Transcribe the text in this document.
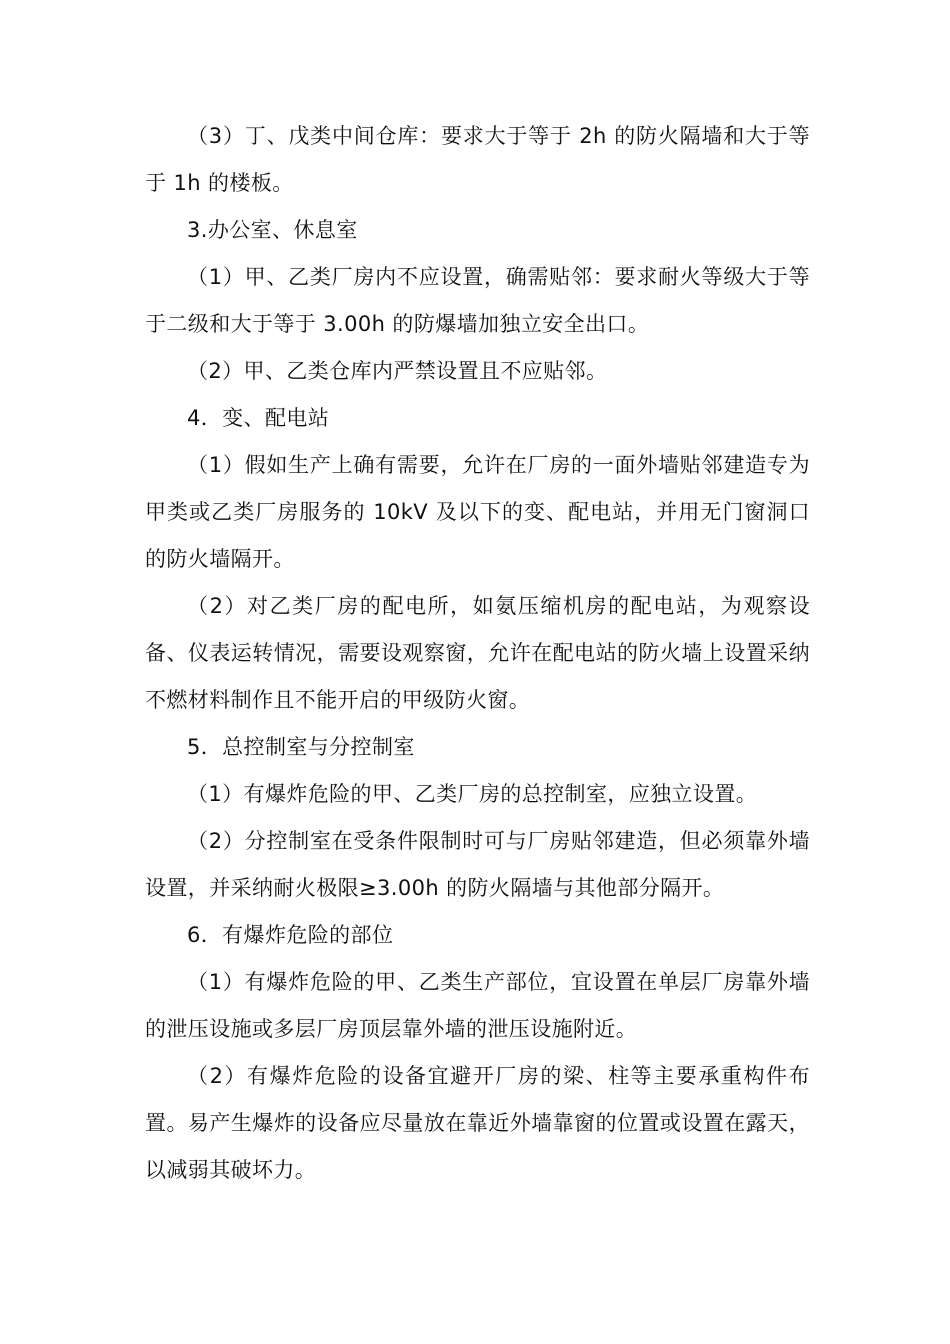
（3）丁、戊类中间仓库：要求大于等于 2h 的防火隔墙和大于等于 1h 的楼板。

3.办公室、休息室

（1）甲、乙类厂房内不应设置，确需贴邻：要求耐火等级大于等于二级和大于等于 3.00h 的防爆墙加独立安全出口。

（2）甲、乙类仓库内严禁设置且不应贴邻。

4．变、配电站

（1）假如生产上确有需要，允许在厂房的一面外墙贴邻建造专为甲类或乙类厂房服务的 10kV 及以下的变、配电站，并用无门窗洞口的防火墙隔开。

（2）对乙类厂房的配电所，如氨压缩机房的配电站，为观察设备、仪表运转情况，需要设观察窗，允许在配电站的防火墙上设置采纳不燃材料制作且不能开启的甲级防火窗。

5．总控制室与分控制室

（1）有爆炸危险的甲、乙类厂房的总控制室，应独立设置。

（2）分控制室在受条件限制时可与厂房贴邻建造，但必须靠外墙设置，并采纳耐火极限≥3.00h 的防火隔墙与其他部分隔开。

6．有爆炸危险的部位

（1）有爆炸危险的甲、乙类生产部位，宜设置在单层厂房靠外墙的泄压设施或多层厂房顶层靠外墙的泄压设施附近。

（2）有爆炸危险的设备宜避开厂房的梁、柱等主要承重构件布置。易产生爆炸的设备应尽量放在靠近外墙靠窗的位置或设置在露天，以减弱其破坏力。
